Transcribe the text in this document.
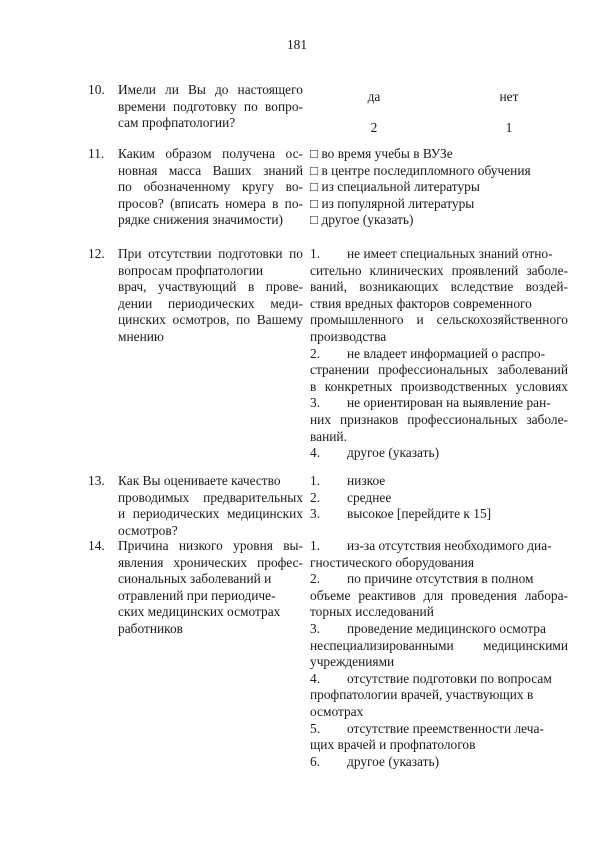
181
10. Имели ли Вы до настоящего
времени подготовку по вопро-
сам профпатологии?
да	нет
2	1
11. Каким образом получена ос-
новная масса Ваших знаний
по обозначенному кругу во-
просов? (вписать номера в по-
рядке снижения значимости)
□ во время учебы в ВУЗе
□ в центре последипломного обучения
□ из специальной литературы
□ из популярной литературы
□ другое (указать)
12. При отсутствии подготовки по
вопросам профпатологии
врач, участвующий в прове-
дении периодических меди-
цинских осмотров, по Вашему
мнению
1. не имеет специальных знаний отно-
сительно клинических проявлений заболе-
ваний, возникающих вследствие воздей-
ствия вредных факторов современного
промышленного и сельскохозяйственного
производства
2. не владеет информацией о распро-
странении профессиональных заболеваний
в конкретных производственных условиях
3. не ориентирован на выявление ран-
них признаков профессиональных заболе-
ваний.
4. другое (указать)
13. Как Вы оцениваете качество
проводимых предварительных
и периодических медицинских
осмотров?
1. низкое
2. среднее
3. высокое [перейдите к 15]
14. Причина низкого уровня вы-
явления хронических профес-
сиональных заболеваний и
отравлений при периодиче-
ских медицинских осмотрах
работников
1. из-за отсутствия необходимого диа-
гностического оборудования
2. по причине отсутствия в полном
объеме реактивов для проведения лабора-
торных исследований
3. проведение медицинского осмотра
неспециализированными медицинскими
учреждениями
4. отсутствие подготовки по вопросам
профпатологии врачей, участвующих в
осмотрах
5. отсутствие преемственности леча-
щих врачей и профпатологов
6. другое (указать)
